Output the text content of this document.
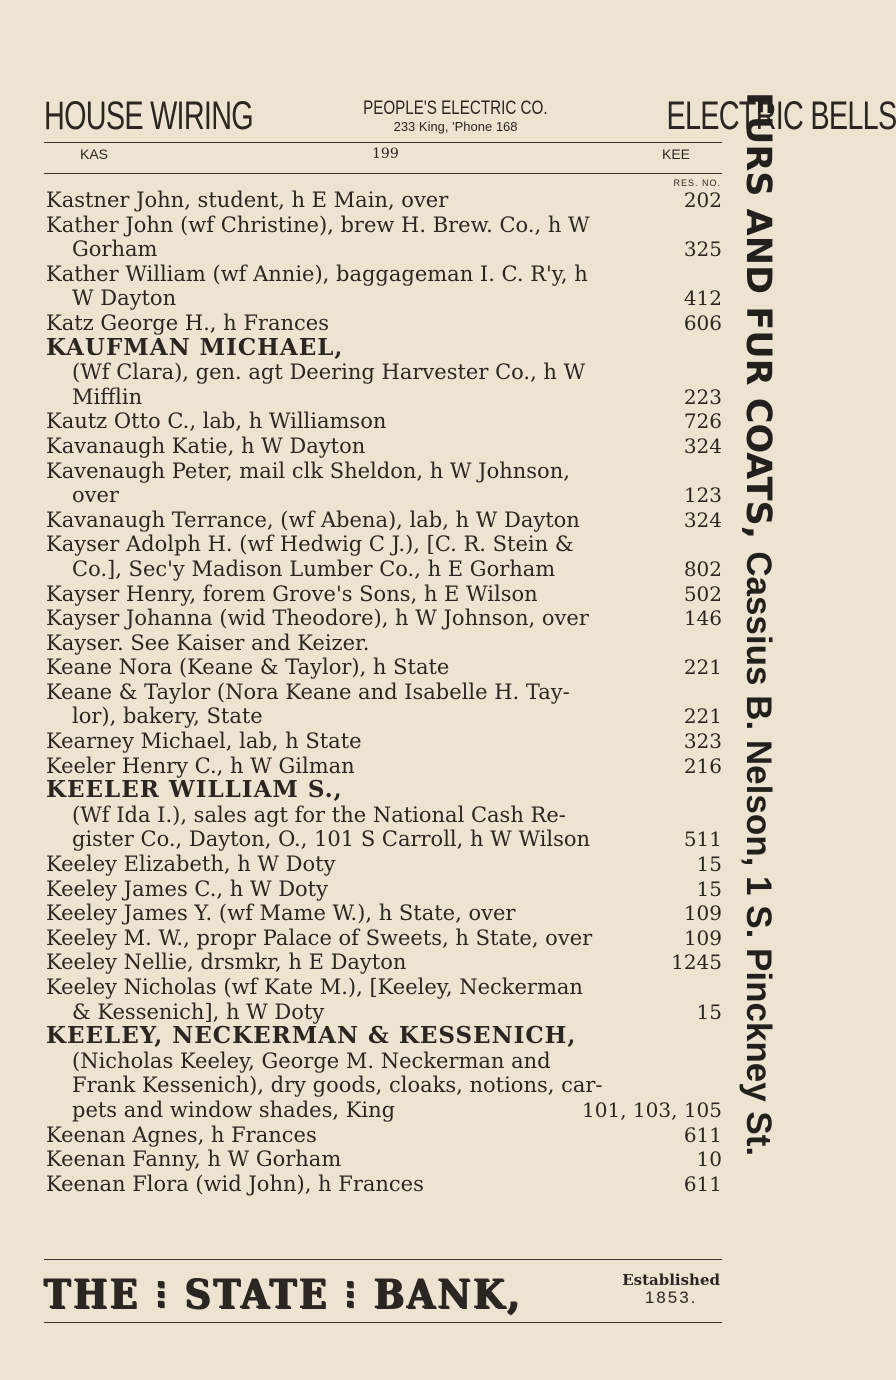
HOUSE WIRING	PEOPLE'S ELECTRIC CO.
233 King, 'Phone 168	ELECTRIC BELLS
KAS	199	KEE
RES. NO.
Kastner John, student, h E Main, over	202
Kather John (wf Christine), brew H. Brew. Co., h W
Gorham	325
Kather William (wf Annie), baggageman I. C. R'y, h
W Dayton	412
Katz George H., h Frances	606
KAUFMAN MICHAEL,
(Wf Clara), gen. agt Deering Harvester Co., h W
Mifflin	223
Kautz Otto C., lab, h Williamson	726
Kavanaugh Katie, h W Dayton	324
Kavenaugh Peter, mail clk Sheldon, h W Johnson,
over	123
Kavanaugh Terrance, (wf Abena), lab, h W Dayton	324
Kayser Adolph H. (wf Hedwig C J.), [C. R. Stein &
Co.], Sec'y Madison Lumber Co., h E Gorham	802
Kayser Henry, forem Grove's Sons, h E Wilson	502
Kayser Johanna (wid Theodore), h W Johnson, over	146
Kayser. See Kaiser and Keizer.
Keane Nora (Keane & Taylor), h State	221
Keane & Taylor (Nora Keane and Isabelle H. Tay-
lor), bakery, State	221
Kearney Michael, lab, h State	323
Keeler Henry C., h W Gilman	216
KEELER WILLIAM S.,
(Wf Ida I.), sales agt for the National Cash Re-
gister Co., Dayton, O., 101 S Carroll, h W Wilson	511
Keeley Elizabeth, h W Doty	15
Keeley James C., h W Doty	15
Keeley James Y. (wf Mame W.), h State, over	109
Keeley M. W., propr Palace of Sweets, h State, over	109
Keeley Nellie, drsmkr, h E Dayton	1245
Keeley Nicholas (wf Kate M.), [Keeley, Neckerman
& Kessenich], h W Doty	15
KEELEY, NECKERMAN & KESSENICH,
(Nicholas Keeley, George M. Neckerman and
Frank Kessenich), dry goods, cloaks, notions, car-
pets and window shades, King	101, 103, 105
Keenan Agnes, h Frances	611
Keenan Fanny, h W Gorham	10
Keenan Flora (wid John), h Frances	611
FURS AND FUR COATS, Cassius B. Nelson, 1 S. Pinckney St.
THE ⁝ STATE ⁝ BANK,	Established
1853.
